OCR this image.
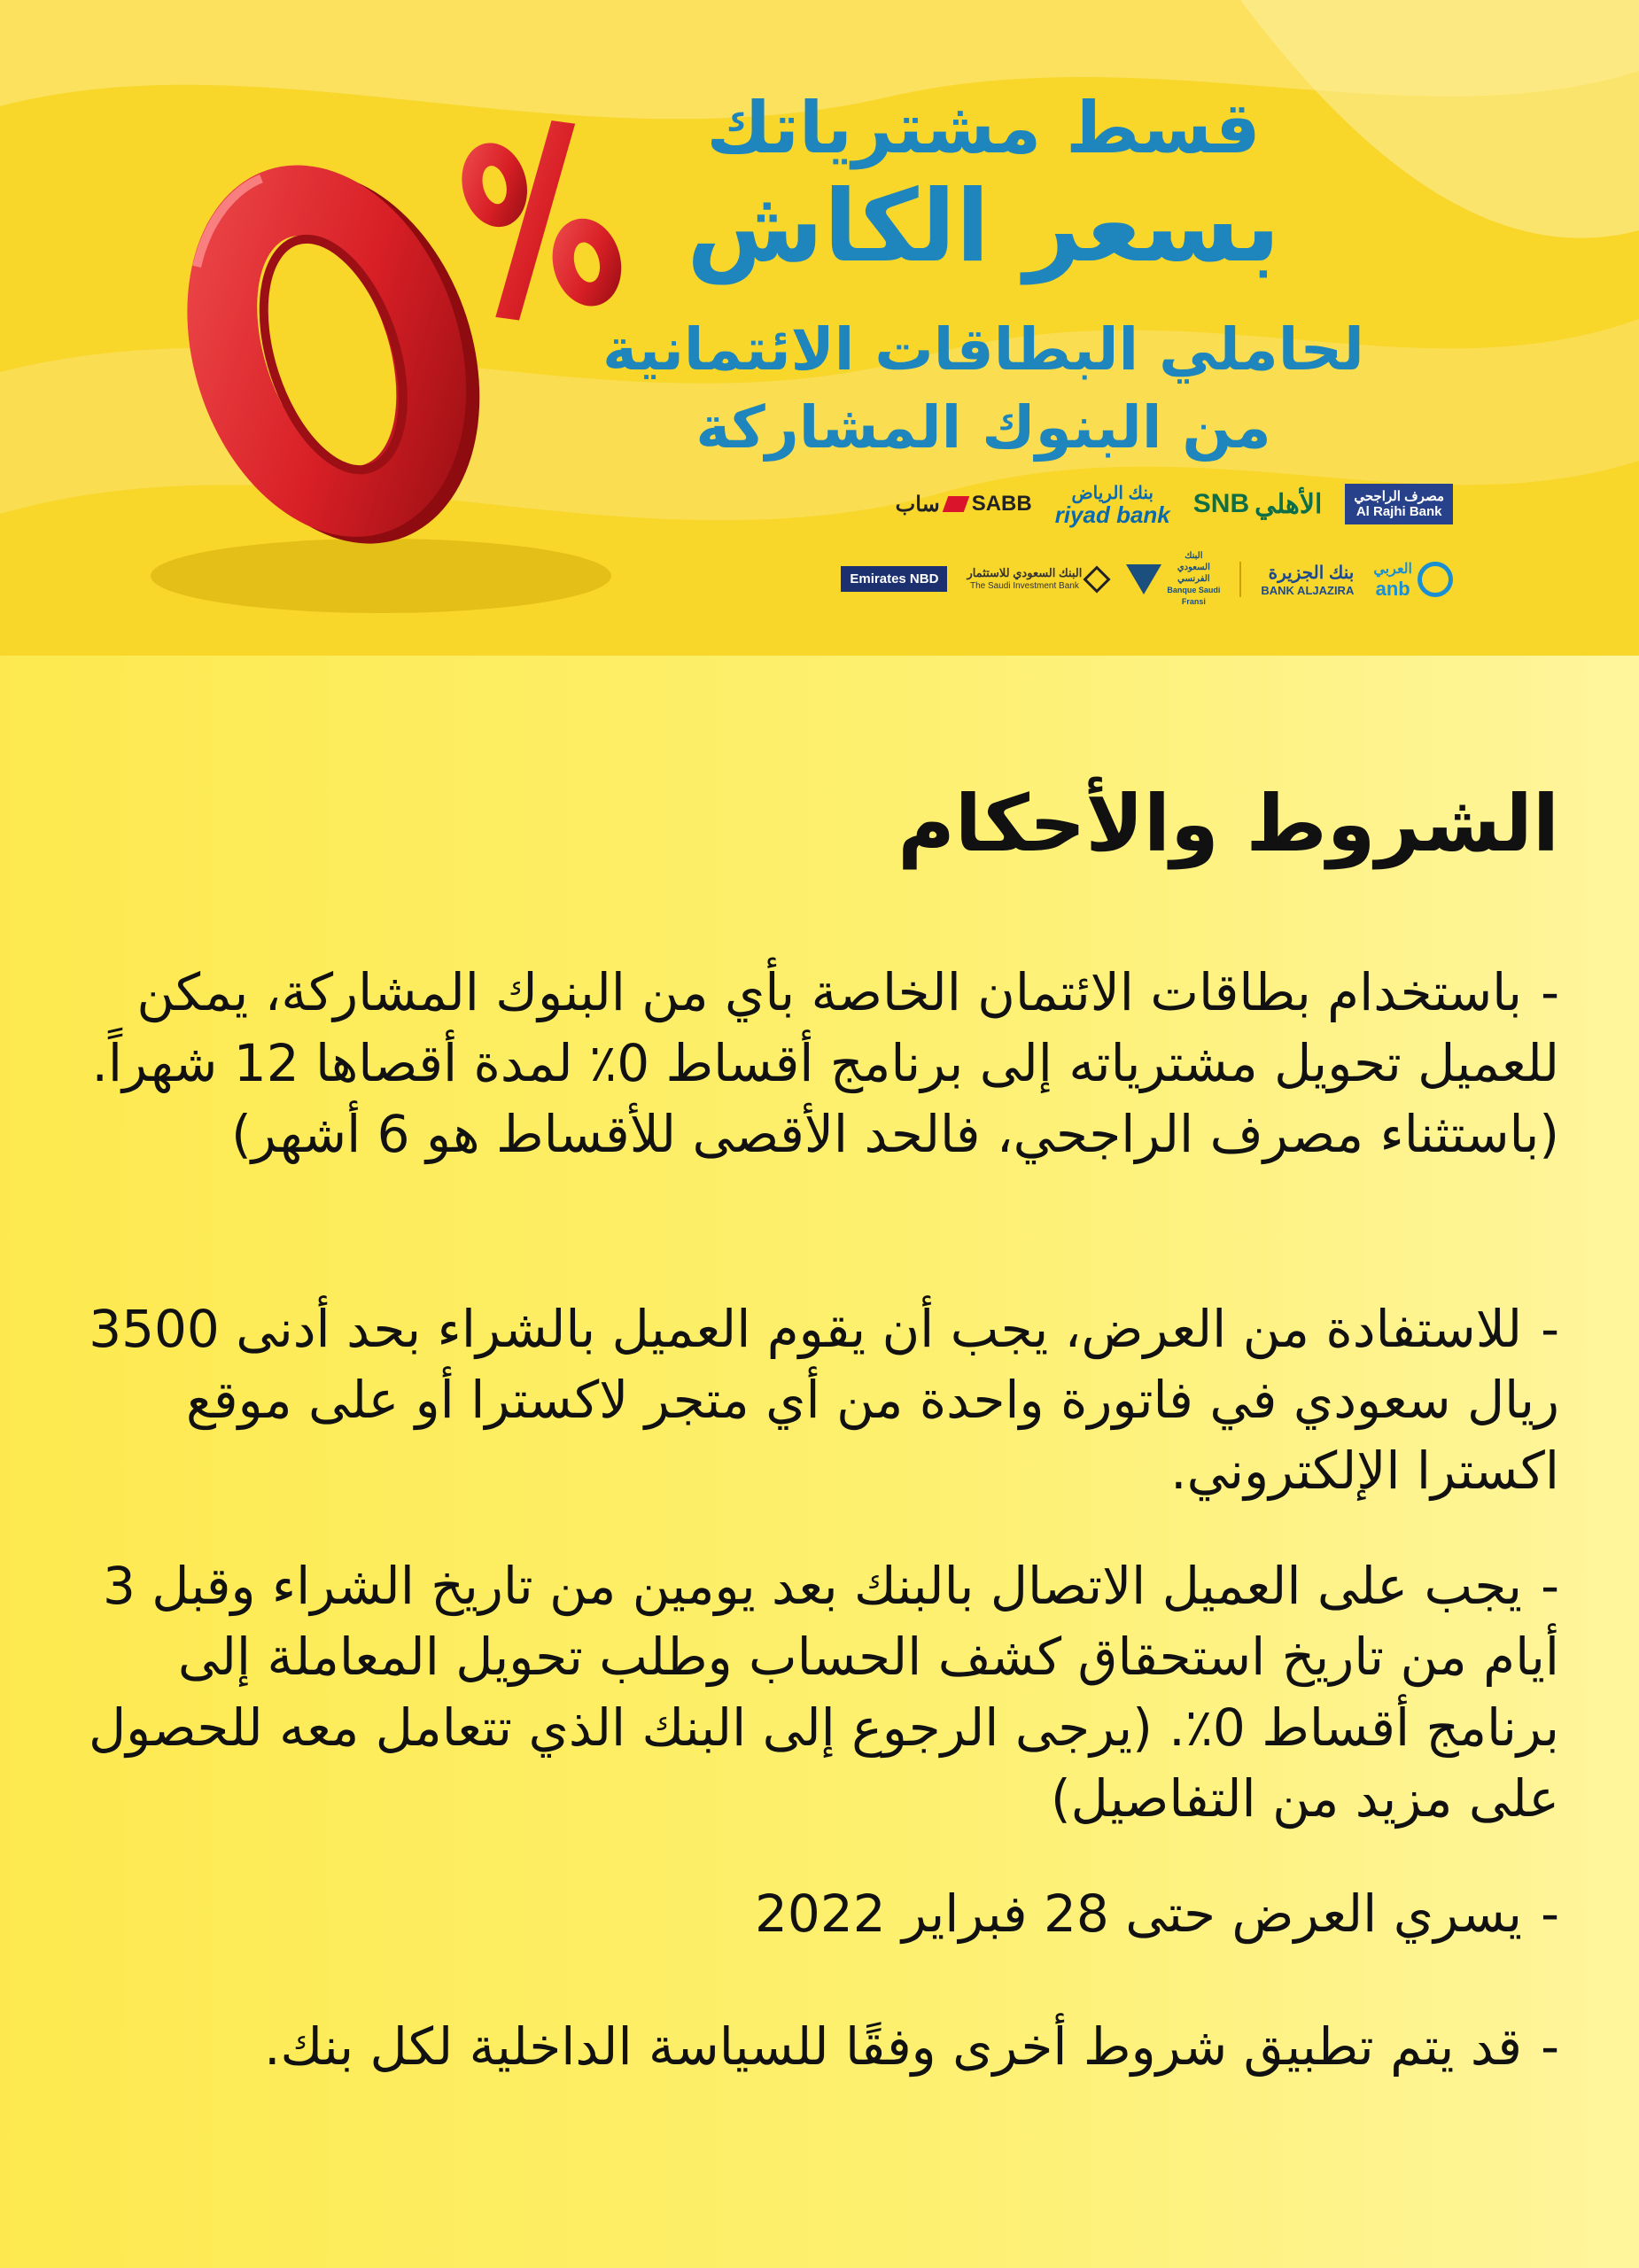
قسط مشترياتك
بسعر الكاش
لحاملي البطاقات الائتمانية
من البنوك المشاركة
مصرف الراجحي
Al Rajhi Bank
SNB الأهلي
بنك الرياض
riyad bank
ساب SABB
العربي
anb
بنك الجزيرة
BANK ALJAZIRA
البنك السعودي الفرنسي
Banque Saudi Fransi
البنك السعودي للاستثمار
The Saudi Investment Bank
Emirates NBD
الشروط والأحكام
-باستخدام بطاقات الائتمان الخاصة بأي من البنوك المشاركة، يمكن للعميل تحويل مشترياته إلى برنامج أقساط 0٪ لمدة أقصاها 12 شهراً. (باستثناء مصرف الراجحي، فالحد الأقصى للأقساط هو 6 أشهر)
-للاستفادة من العرض، يجب أن يقوم العميل بالشراء بحد أدنى 3500 ريال سعودي في فاتورة واحدة من أي متجر لاكسترا أو على موقع اكسترا الإلكتروني.
-يجب على العميل الاتصال بالبنك بعد يومين من تاريخ الشراء وقبل 3 أيام من تاريخ استحقاق كشف الحساب وطلب تحويل المعاملة إلى برنامج أقساط 0٪. (يرجى الرجوع إلى البنك الذي تتعامل معه للحصول على مزيد من التفاصيل)
-يسري العرض حتى 28 فبراير 2022
-قد يتم تطبيق شروط أخرى وفقًا للسياسة الداخلية لكل بنك.
